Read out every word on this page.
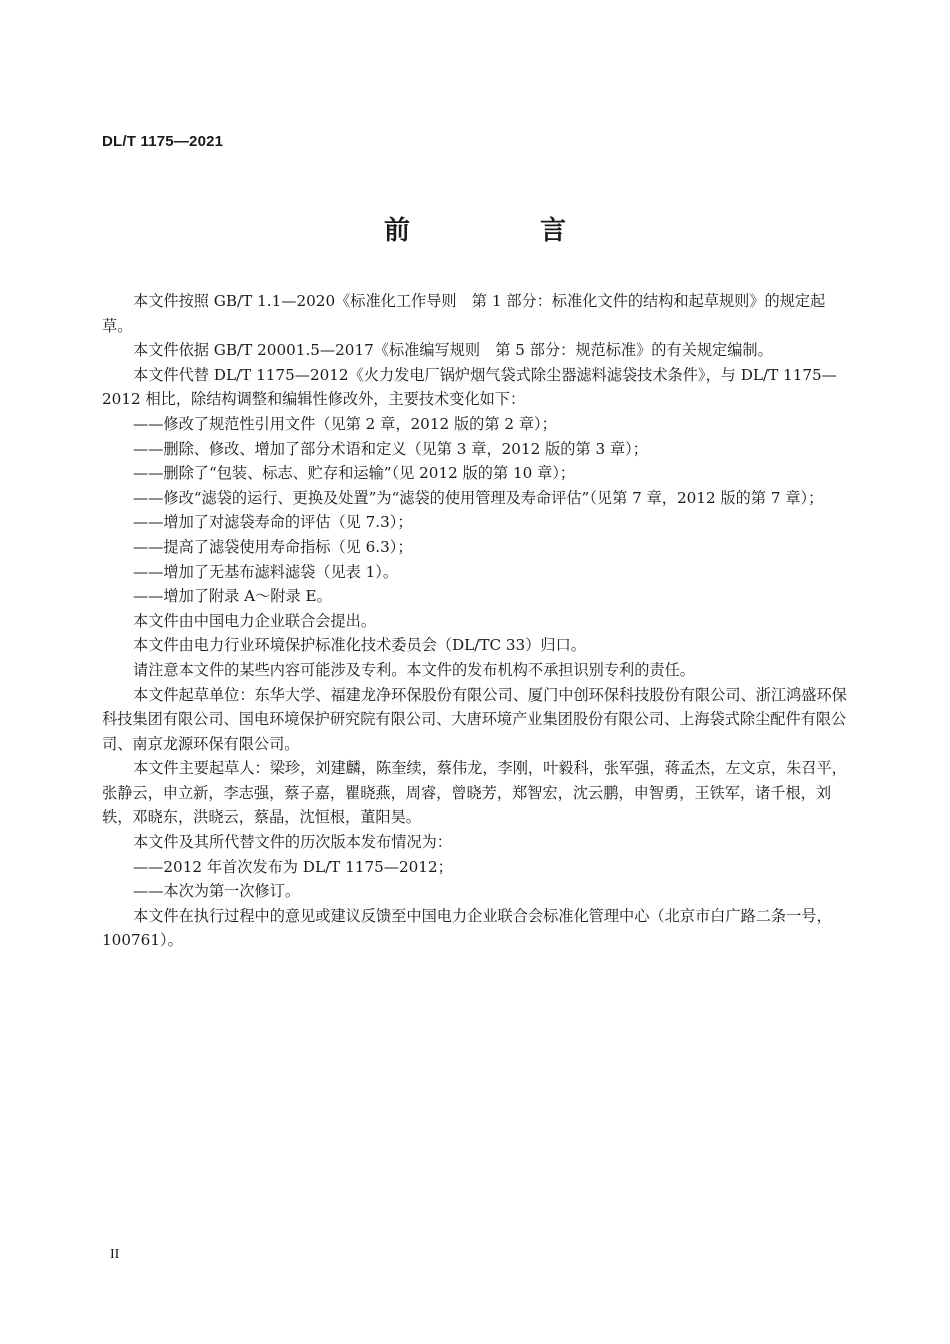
DL/T 1175—2021
前　言

本文件按照 GB/T 1.1—2020《标准化工作导则　第 1 部分：标准化文件的结构和起草规则》的规定起草。

本文件依据 GB/T 20001.5—2017《标准编写规则　第 5 部分：规范标准》的有关规定编制。

本文件代替 DL/T 1175—2012《火力发电厂锅炉烟气袋式除尘器滤料滤袋技术条件》，与 DL/T 1175—2012 相比，除结构调整和编辑性修改外，主要技术变化如下：

——修改了规范性引用文件（见第 2 章，2012 版的第 2 章）；

——删除、修改、增加了部分术语和定义（见第 3 章，2012 版的第 3 章）；

——删除了“包装、标志、贮存和运输”（见 2012 版的第 10 章）；

——修改“滤袋的运行、更换及处置”为“滤袋的使用管理及寿命评估”（见第 7 章，2012 版的第 7 章）；

——增加了对滤袋寿命的评估（见 7.3）；

——提高了滤袋使用寿命指标（见 6.3）；

——增加了无基布滤料滤袋（见表 1）。

——增加了附录 A～附录 E。

本文件由中国电力企业联合会提出。

本文件由电力行业环境保护标准化技术委员会（DL/TC 33）归口。

请注意本文件的某些内容可能涉及专利。本文件的发布机构不承担识别专利的责任。

本文件起草单位：东华大学、福建龙净环保股份有限公司、厦门中创环保科技股份有限公司、浙江鸿盛环保科技集团有限公司、国电环境保护研究院有限公司、大唐环境产业集团股份有限公司、上海袋式除尘配件有限公司、南京龙源环保有限公司。

本文件主要起草人：梁珍，刘建麟，陈奎续，蔡伟龙，李刚，叶毅科，张军强，蒋孟杰，左文京，朱召平，张静云，申立新，李志强，蔡子嘉，瞿晓燕，周睿，曾晓芳，郑智宏，沈云鹏，申智勇，王铁军，诸千根，刘轶，邓晓东，洪晓云，蔡晶，沈恒根，董阳昊。

本文件及其所代替文件的历次版本发布情况为：

——2012 年首次发布为 DL/T 1175—2012；

——本次为第一次修订。

本文件在执行过程中的意见或建议反馈至中国电力企业联合会标准化管理中心（北京市白广路二条一号，100761）。

II
